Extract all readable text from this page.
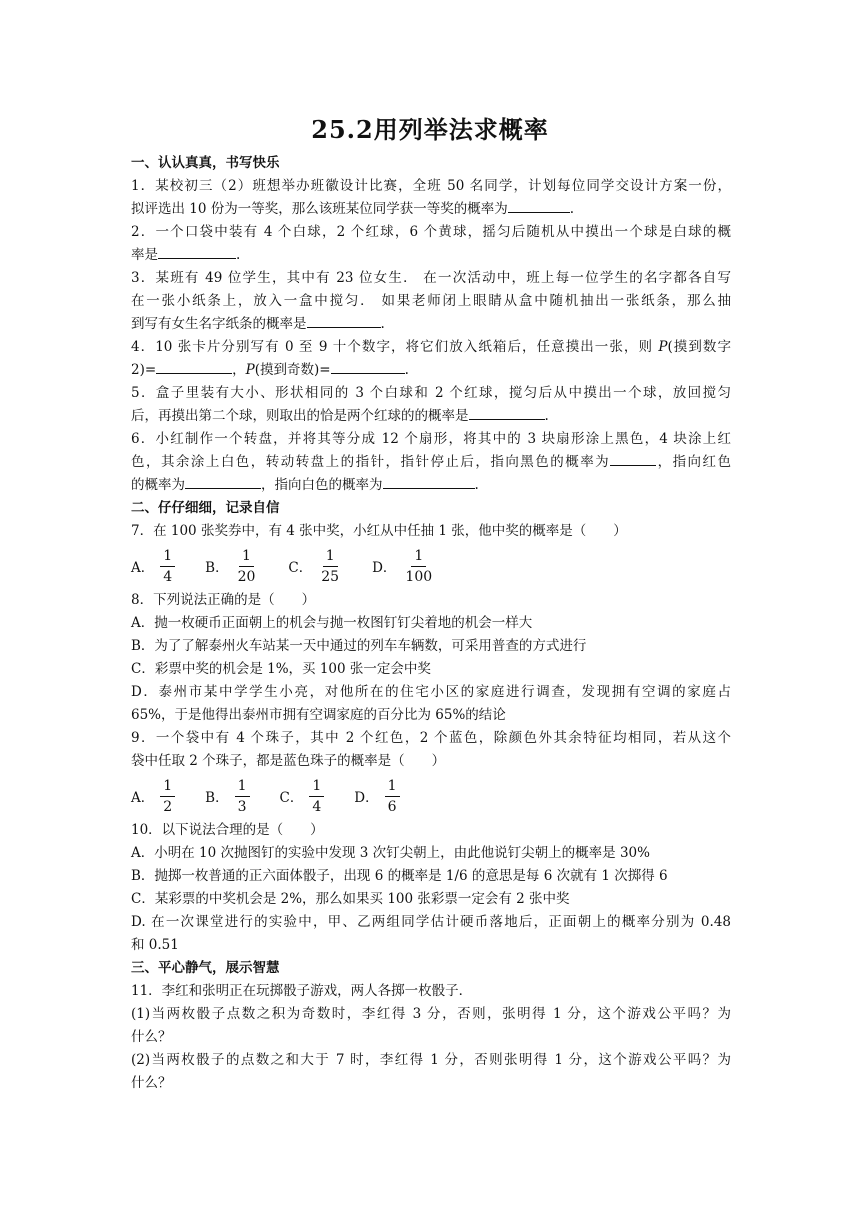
25.2用列举法求概率
一、认认真真，书写快乐
1．某校初三（2）班想举办班徽设计比赛，全班 50 名同学，计划每位同学交设计方案一份，
拟评选出 10 份为一等奖，那么该班某位同学获一等奖的概率为	.
2．一个口袋中装有 4 个白球，2 个红球，6 个黄球，摇匀后随机从中摸出一个球是白球的概
率是	.
3．某班有 49 位学生，其中有 23 位女生． 在一次活动中，班上每一位学生的名字都各自写
在一张小纸条上，放入一盒中搅匀． 如果老师闭上眼睛从盒中随机抽出一张纸条，那么抽
到写有女生名字纸条的概率是	.
4．10 张卡片分别写有 0 至 9 十个数字，将它们放入纸箱后，任意摸出一张，则 P(摸到数字
2)=	，P(摸到奇数)=	.
5．盒子里装有大小、形状相同的 3 个白球和 2 个红球，搅匀后从中摸出一个球，放回搅匀
后，再摸出第二个球，则取出的恰是两个红球的的概率是	.
6．小红制作一个转盘，并将其等分成 12 个扇形，将其中的 3 块扇形涂上黑色，4 块涂上红
色，其余涂上白色，转动转盘上的指针，指针停止后，指向黑色的概率为	，指向红色
的概率为	，指向白色的概率为	.
二、仔仔细细，记录自信
7．在 100 张奖券中，有 4 张中奖，小红从中任抽 1 张，他中奖的概率是（　　）
A． $\frac{1}{4}$ B． $\frac{1}{20}$ C． $\frac{1}{25}$ D． $\frac{1}{100}$
8．下列说法正确的是（　　）
A．抛一枚硬币正面朝上的机会与抛一枚图钉钉尖着地的机会一样大
B．为了了解泰州火车站某一天中通过的列车车辆数，可采用普查的方式进行
C．彩票中奖的机会是 1%，买 100 张一定会中奖
D．泰州市某中学学生小亮，对他所在的住宅小区的家庭进行调查，发现拥有空调的家庭占
65%，于是他得出泰州市拥有空调家庭的百分比为 65%的结论
9．一个袋中有 4 个珠子，其中 2 个红色，2 个蓝色，除颜色外其余特征均相同，若从这个
袋中任取 2 个珠子，都是蓝色珠子的概率是（　　）
A． $\frac{1}{2}$ B． $\frac{1}{3}$ C． $\frac{1}{4}$ D． $\frac{1}{6}$
10．以下说法合理的是（　　）
A．小明在 10 次抛图钉的实验中发现 3 次钉尖朝上，由此他说钉尖朝上的概率是 30%
B．抛掷一枚普通的正六面体骰子，出现 6 的概率是 1/6 的意思是每 6 次就有 1 次掷得 6
C．某彩票的中奖机会是 2%，那么如果买 100 张彩票一定会有 2 张中奖
D. 在一次课堂进行的实验中，甲、乙两组同学估计硬币落地后，正面朝上的概率分别为 0.48
和 0.51
三、平心静气，展示智慧
11．李红和张明正在玩掷骰子游戏，两人各掷一枚骰子．
(1)当两枚骰子点数之积为奇数时，李红得 3 分，否则，张明得 1 分，这个游戏公平吗？为
什么？
(2)当两枚骰子的点数之和大于 7 时，李红得 1 分，否则张明得 1 分，这个游戏公平吗？为
什么？
